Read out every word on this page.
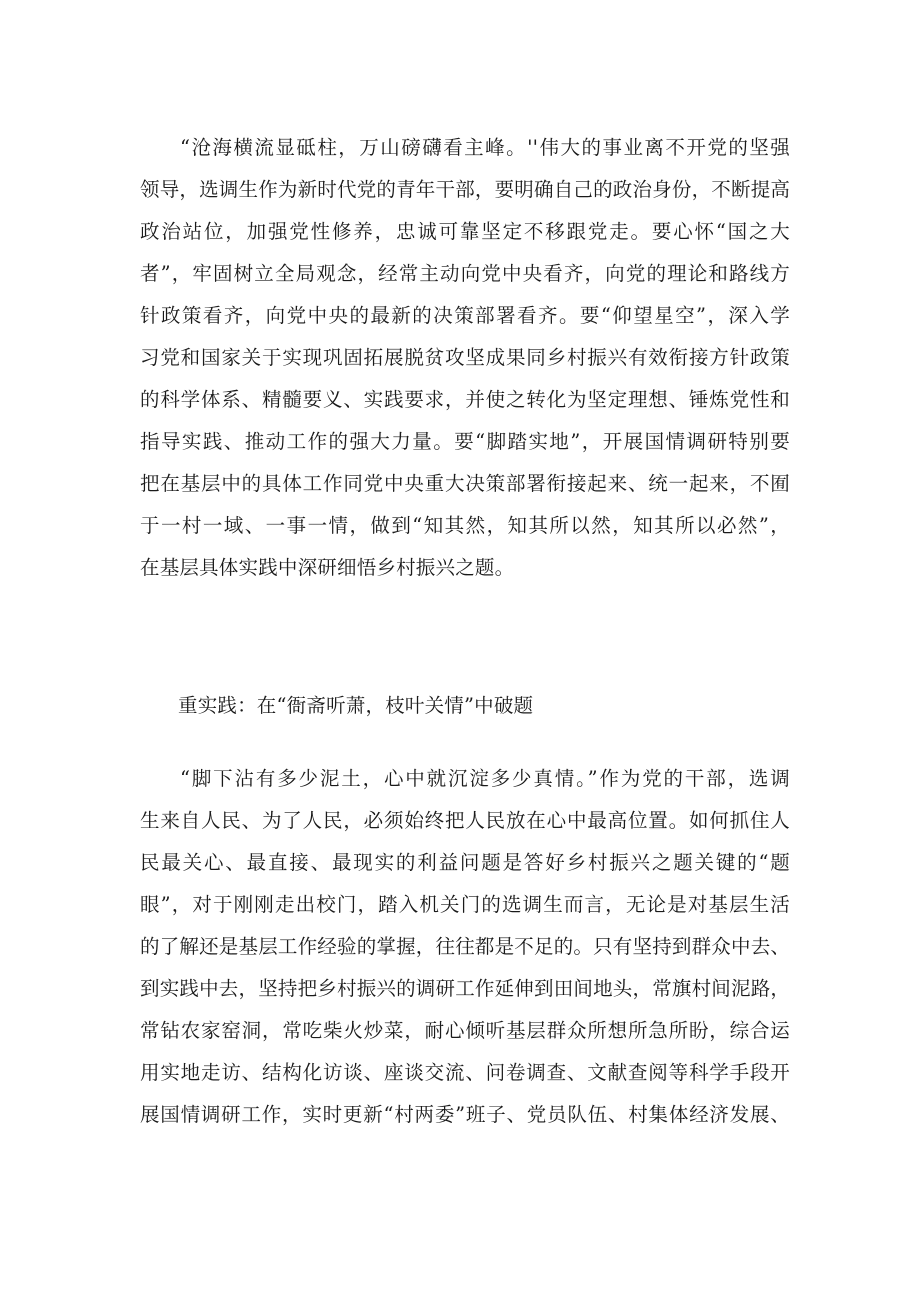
“沧海横流显砥柱，万山磅礴看主峰。''伟大的事业离不开党的坚强
领导，选调生作为新时代党的青年干部，要明确自己的政治身份，不断提高
政治站位，加强党性修养，忠诚可靠坚定不移跟党走。要心怀“国之大
者”，牢固树立全局观念，经常主动向党中央看齐，向党的理论和路线方
针政策看齐，向党中央的最新的决策部署看齐。要“仰望星空”，深入学
习党和国家关于实现巩固拓展脱贫攻坚成果同乡村振兴有效衔接方针政策
的科学体系、精髓要义、实践要求，并使之转化为坚定理想、锤炼党性和
指导实践、推动工作的强大力量。要“脚踏实地”，开展国情调研特别要
把在基层中的具体工作同党中央重大决策部署衔接起来、统一起来，不囿
于一村一域、一事一情，做到“知其然，知其所以然，知其所以必然”，
在基层具体实践中深研细悟乡村振兴之题。
重实践：在“衙斋听萧，枝叶关情”中破题
“脚下沾有多少泥土，心中就沉淀多少真情。”作为党的干部，选调
生来自人民、为了人民，必须始终把人民放在心中最高位置。如何抓住人
民最关心、最直接、最现实的利益问题是答好乡村振兴之题关键的“题
眼”，对于刚刚走出校门，踏入机关门的选调生而言，无论是对基层生活
的了解还是基层工作经验的掌握，往往都是不足的。只有坚持到群众中去、
到实践中去，坚持把乡村振兴的调研工作延伸到田间地头，常旗村间泥路，
常钻农家窑洞，常吃柴火炒菜，耐心倾听基层群众所想所急所盼，综合运
用实地走访、结构化访谈、座谈交流、问卷调查、文献查阅等科学手段开
展国情调研工作，实时更新“村两委”班子、党员队伍、村集体经济发展、
